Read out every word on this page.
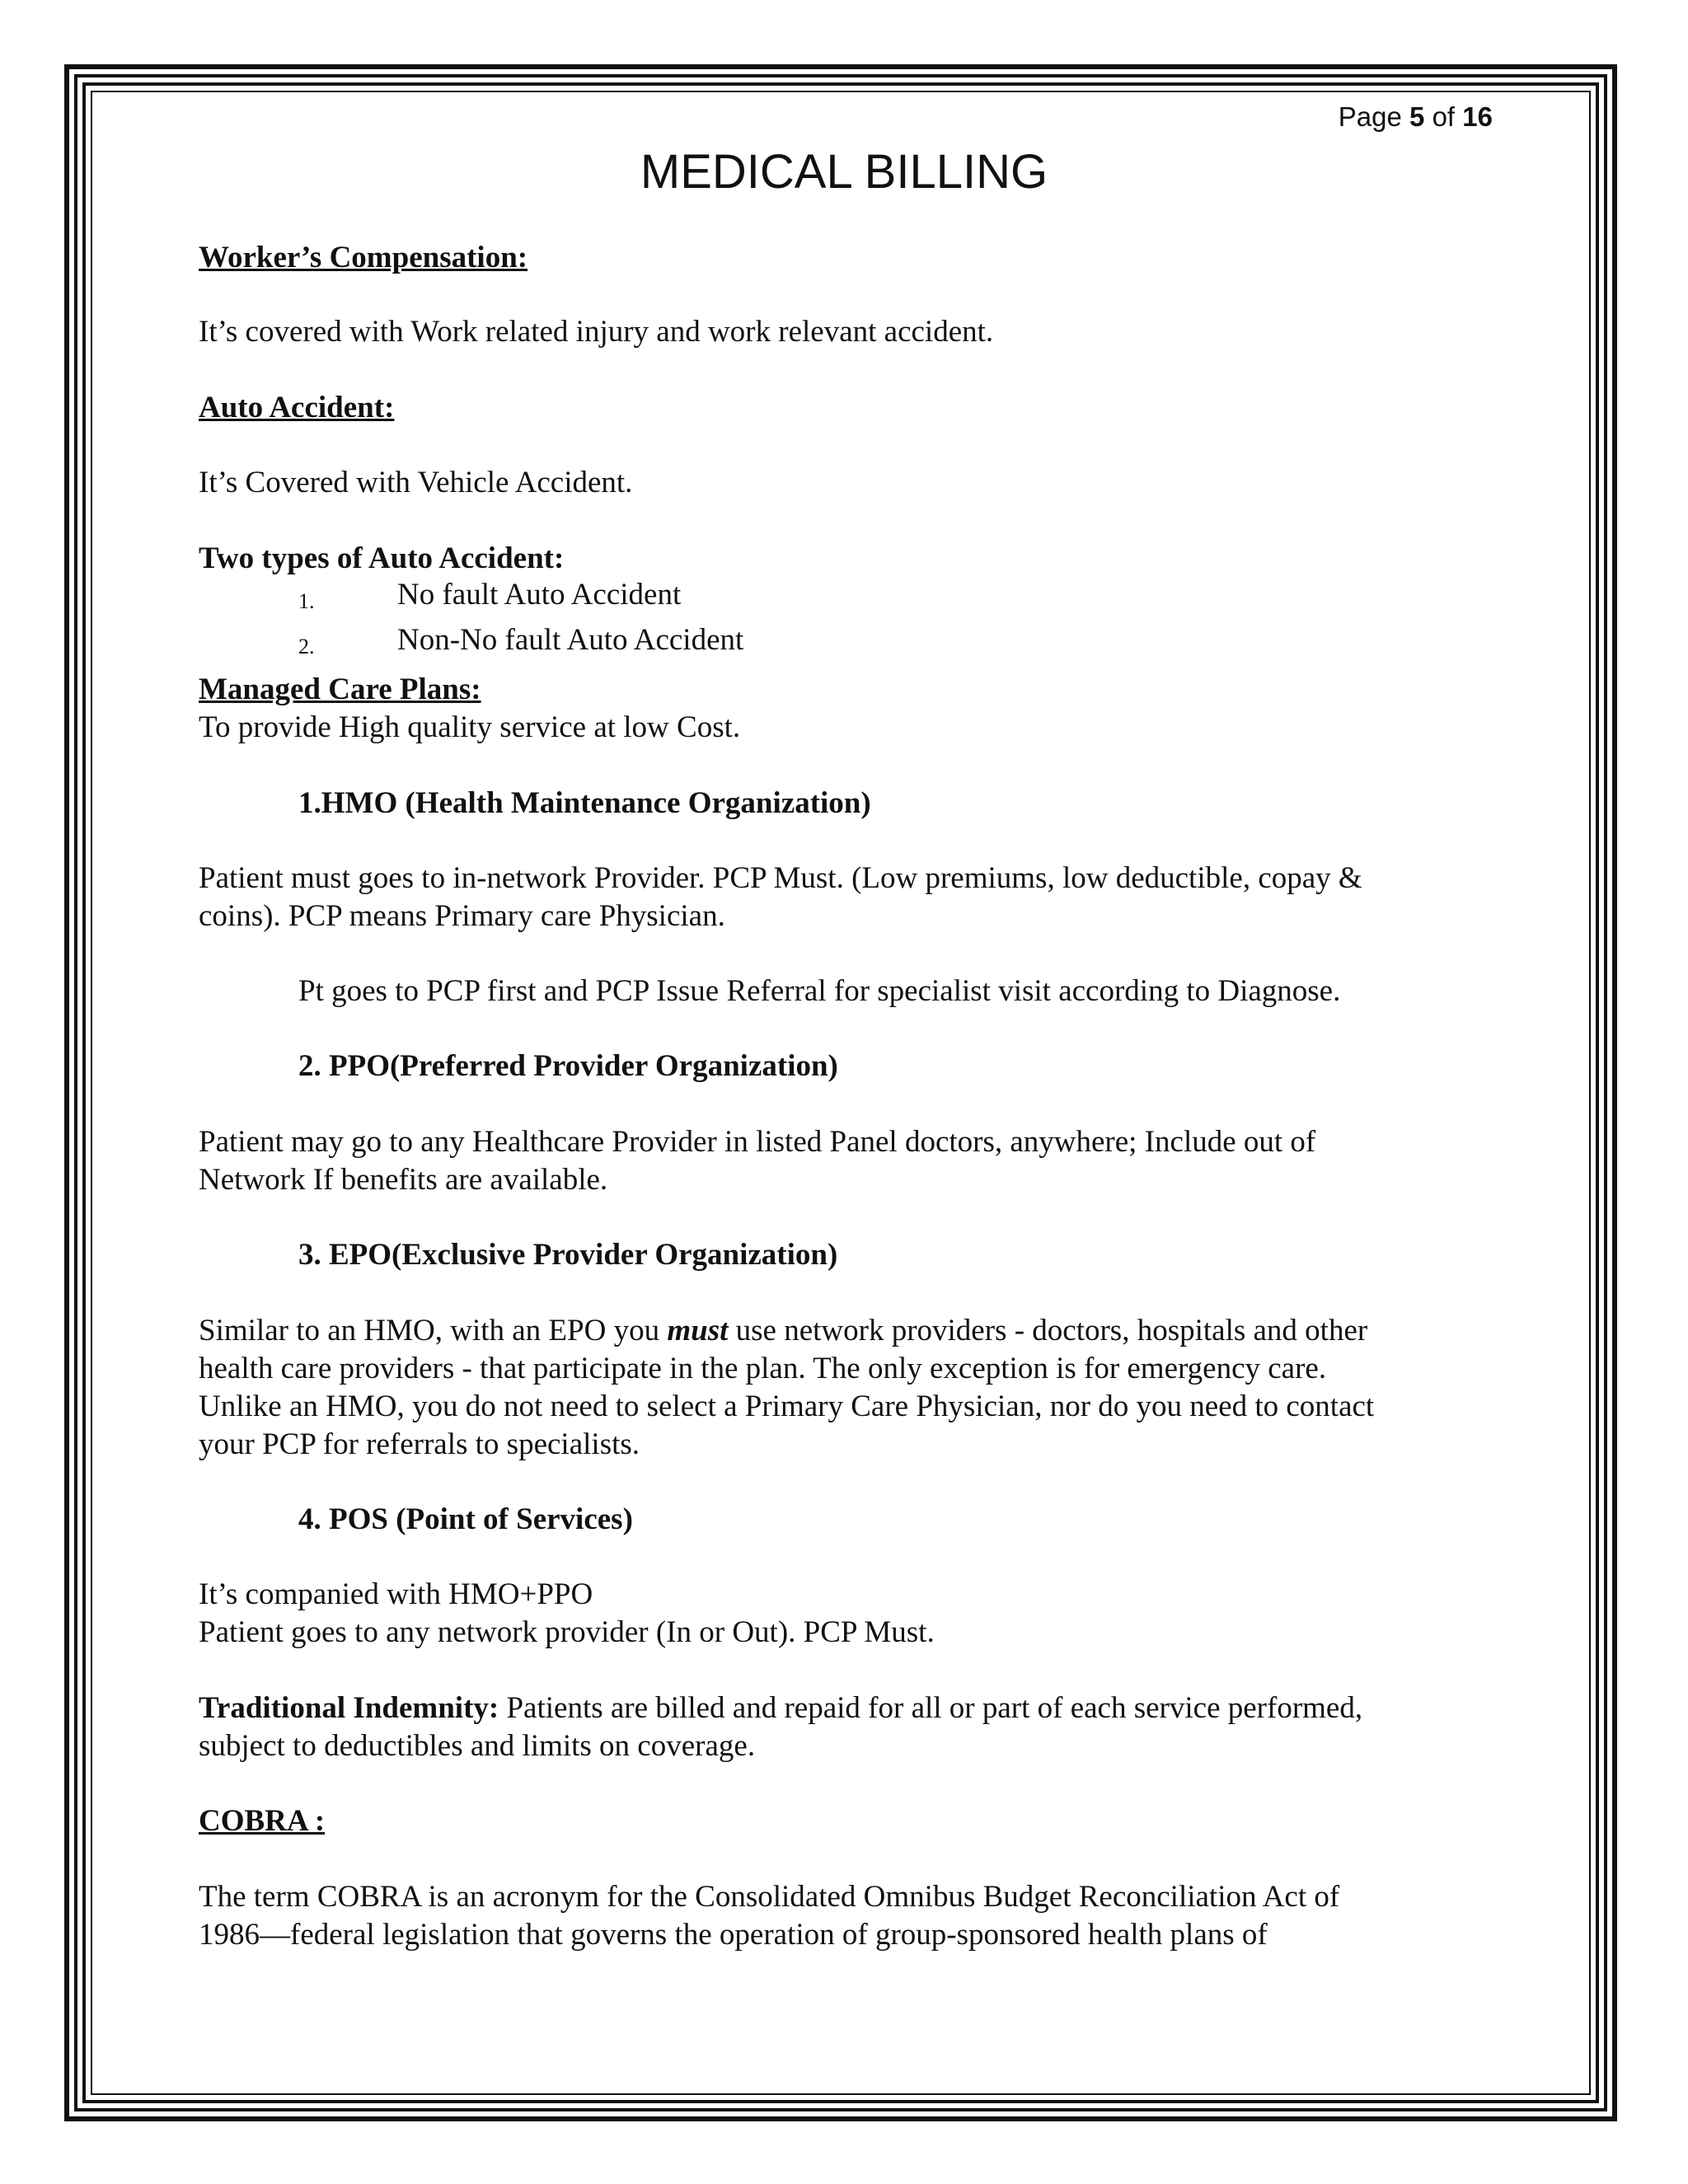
Page 5 of 16
MEDICAL BILLING
Worker’s Compensation:
It’s covered with Work related injury and work relevant accident.
Auto Accident:
It’s Covered with Vehicle Accident.
Two types of Auto Accident:
1.	No fault Auto Accident
2.	Non-No fault Auto Accident
Managed Care Plans:
To provide High quality service at low Cost.
1.HMO (Health Maintenance Organization)
Patient must goes to in-network Provider. PCP Must. (Low premiums, low deductible, copay &
coins). PCP means Primary care Physician.
Pt goes to PCP first and PCP Issue Referral for specialist visit according to Diagnose.
2. PPO(Preferred Provider Organization)
Patient may go to any Healthcare Provider in listed Panel doctors, anywhere; Include out of
Network If benefits are available.
3. EPO(Exclusive Provider Organization)
Similar to an HMO, with an EPO you must use network providers - doctors, hospitals and other
health care providers - that participate in the plan. The only exception is for emergency care.
Unlike an HMO, you do not need to select a Primary Care Physician, nor do you need to contact
your PCP for referrals to specialists.
4. POS (Point of Services)
It’s companied with HMO+PPO
Patient goes to any network provider (In or Out). PCP Must.
Traditional Indemnity: Patients are billed and repaid for all or part of each service performed,
subject to deductibles and limits on coverage.
COBRA :
The term COBRA is an acronym for the Consolidated Omnibus Budget Reconciliation Act of
1986—federal legislation that governs the operation of group-sponsored health plans of
